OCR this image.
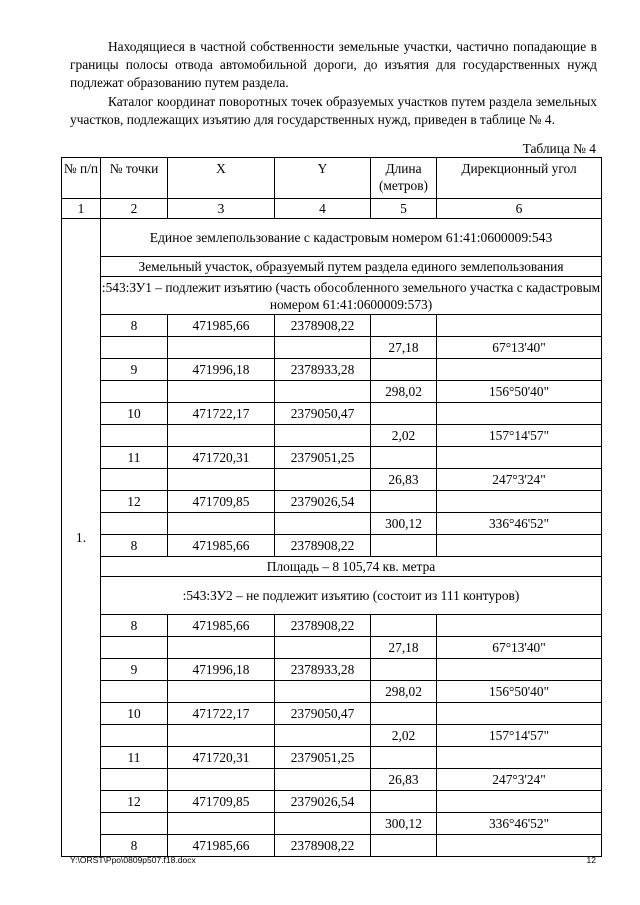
Находящиеся в частной собственности земельные участки, частично попадающие в границы полосы отвода автомобильной дороги, до изъятия для государственных нужд подлежат образованию путем раздела.

Каталог координат поворотных точек образуемых участков путем раздела земельных участков, подлежащих изъятию для государственных нужд, приведен в таблице № 4.

Таблица № 4
№ п/п	№ точки	X	Y	Длина (метров)	Дирекционный угол
1	2	3	4	5	6
1.	Единое землепользование с кадастровым номером 61:41:0600009:543				
	Земельный участок, образуемый путем раздела единого землепользования				
	:543:ЗУ1 – подлежит изъятию (часть обособленного земельного участка с кадастровым номером 61:41:0600009:573)				
	8	471985,66	2378908,22		
				27,18	67°13'40"
	9	471996,18	2378933,28		
				298,02	156°50'40"
	10	471722,17	2379050,47		
				2,02	157°14'57"
	11	471720,31	2379051,25		
				26,83	247°3'24"
	12	471709,85	2379026,54		
				300,12	336°46'52"
	8	471985,66	2378908,22		
	Площадь – 8 105,74 кв. метра				
	:543:ЗУ2 – не подлежит изъятию (состоит из 111 контуров)				
	8	471985,66	2378908,22		
				27,18	67°13'40"
	9	471996,18	2378933,28		
				298,02	156°50'40"
	10	471722,17	2379050,47		
				2,02	157°14'57"
	11	471720,31	2379051,25		
				26,83	247°3'24"
	12	471709,85	2379026,54		
				300,12	336°46'52"
	8	471985,66	2378908,22		
Y:\ORST\Ppo\0809p507.f18.docx	12
